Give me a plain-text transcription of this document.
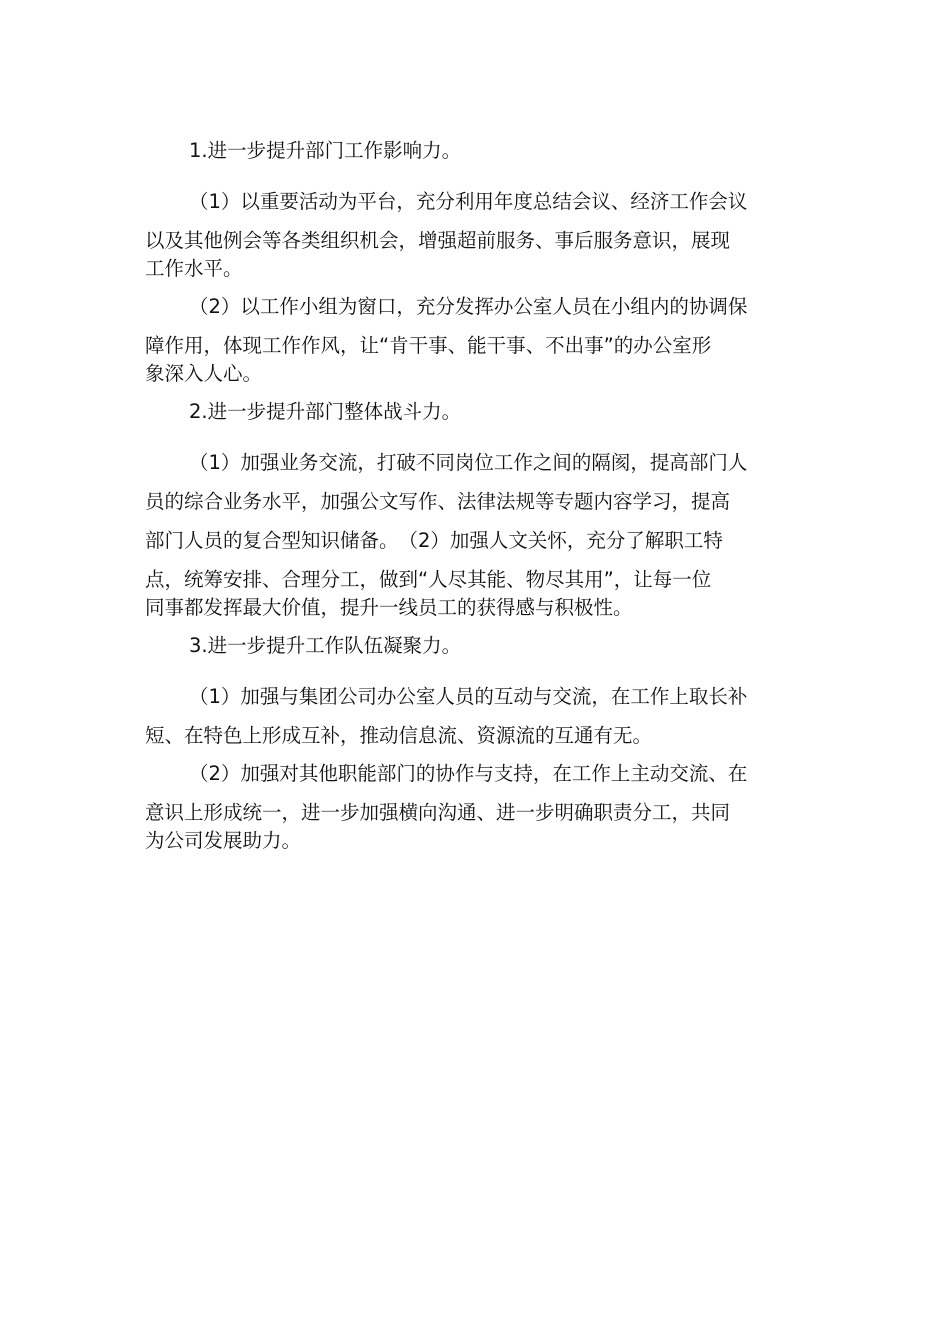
1.进一步提升部门工作影响力。

（1）以重要活动为平台，充分利用年度总结会议、经济工作会议
以及其他例会等各类组织机会，增强超前服务、事后服务意识，展现
工作水平。

（2）以工作小组为窗口，充分发挥办公室人员在小组内的协调保
障作用，体现工作作风，让“肯干事、能干事、不出事”的办公室形
象深入人心。

2.进一步提升部门整体战斗力。

（1）加强业务交流，打破不同岗位工作之间的隔阂，提高部门人
员的综合业务水平，加强公文写作、法律法规等专题内容学习，提高
部门人员的复合型知识储备。　（2）加强人文关怀，充分了解职工特
点，统筹安排、合理分工，做到“人尽其能、物尽其用”，让每一位
同事都发挥最大价值，提升一线员工的获得感与积极性。

3.进一步提升工作队伍凝聚力。

（1）加强与集团公司办公室人员的互动与交流，在工作上取长补
短、在特色上形成互补，推动信息流、资源流的互通有无。

（2）加强对其他职能部门的协作与支持，在工作上主动交流、在
意识上形成统一，进一步加强横向沟通、进一步明确职责分工，共同
为公司发展助力。
